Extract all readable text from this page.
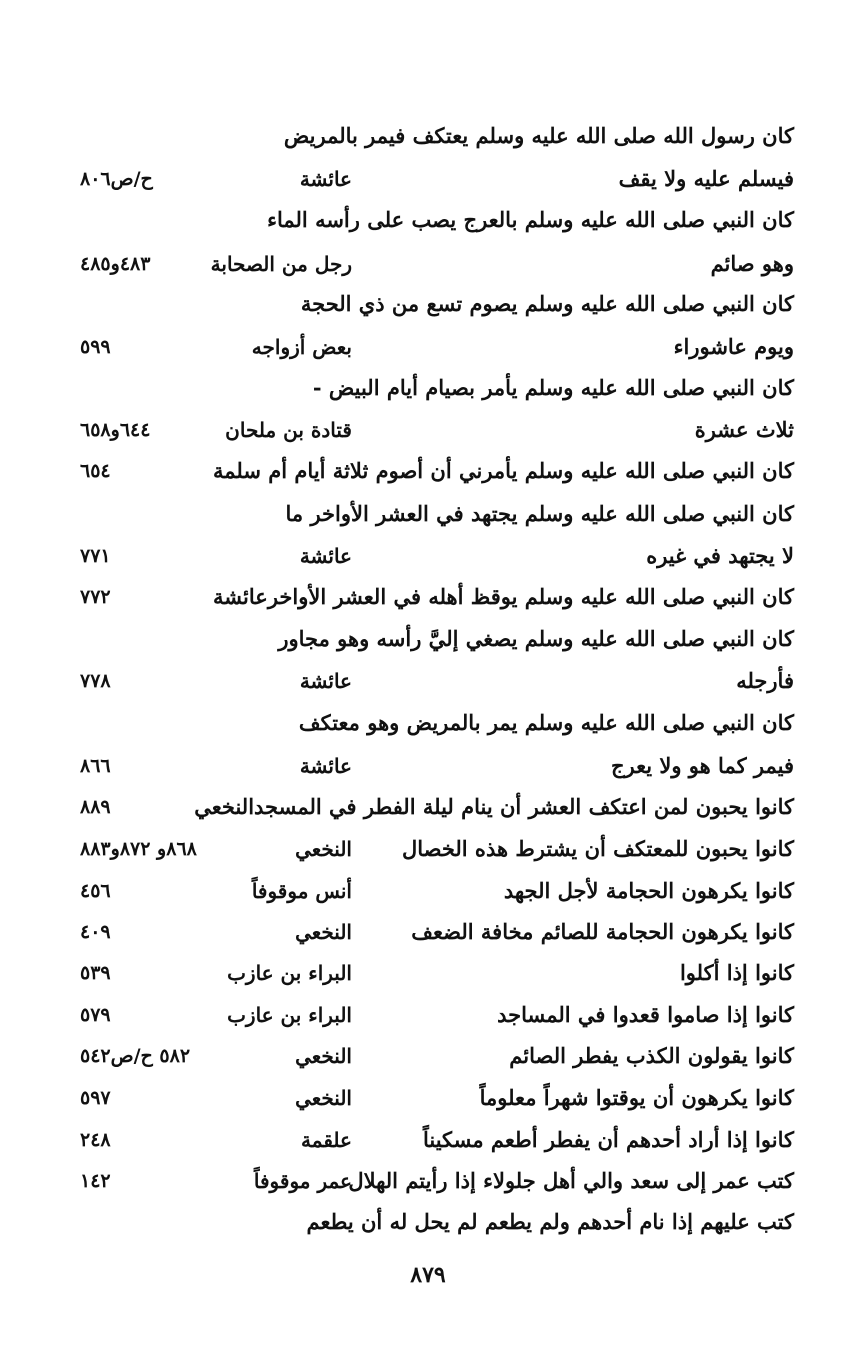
كان رسول الله صلى الله عليه وسلم يعتكف فيمر بالمريض
فيسلم عليه ولا يقف
عائشة
ح/ص٨٠٦
كان النبي صلى الله عليه وسلم بالعرج يصب على رأسه الماء
وهو صائم
رجل من الصحابة
٤٨٣و٤٨٥
كان النبي صلى الله عليه وسلم يصوم تسع من ذي الحجة
ويوم عاشوراء
بعض أزواجه
٥٩٩
كان النبي صلى الله عليه وسلم يأمر بصيام أيام البيض -
ثلاث عشرة
قتادة بن ملحان
٦٤٤و٦٥٨
كان النبي صلى الله عليه وسلم يأمرني أن أصوم ثلاثة أيام أم سلمة
٦٥٤
كان النبي صلى الله عليه وسلم يجتهد في العشر الأواخر ما
لا يجتهد في غيره
عائشة
٧٧١
كان النبي صلى الله عليه وسلم يوقظ أهله في العشر الأواخرعائشة
٧٧٢
كان النبي صلى الله عليه وسلم يصغي إليَّ رأسه وهو مجاور
فأرجله
عائشة
٧٧٨
كان النبي صلى الله عليه وسلم يمر بالمريض وهو معتكف
فيمر كما هو ولا يعرج
عائشة
٨٦٦
كانوا يحبون لمن اعتكف العشر أن ينام ليلة الفطر في المسجدالنخعي
٨٨٩
كانوا يحبون للمعتكف أن يشترط هذه الخصال
النخعي
٨٦٨و ٨٧٢و٨٨٣
كانوا يكرهون الحجامة لأجل الجهد
أنس موقوفاً
٤٥٦
كانوا يكرهون الحجامة للصائم مخافة الضعف
النخعي
٤٠٩
كانوا إذا أكلوا
البراء بن عازب
٥٣٩
كانوا إذا صاموا قعدوا في المساجد
البراء بن عازب
٥٧٩
كانوا يقولون الكذب يفطر الصائم
النخعي
٥٨٢ ح/ص٥٤٢
كانوا يكرهون أن يوقتوا شهراً معلوماً
النخعي
٥٩٧
كانوا إذا أراد أحدهم أن يفطر أطعم مسكيناً
علقمة
٢٤٨
كتب عمر إلى سعد والي أهل جلولاء إذا رأيتم الهلال
عمر موقوفاً
١٤٢
كتب عليهم إذا نام أحدهم ولم يطعم لم يحل له أن يطعم
٨٧٩
